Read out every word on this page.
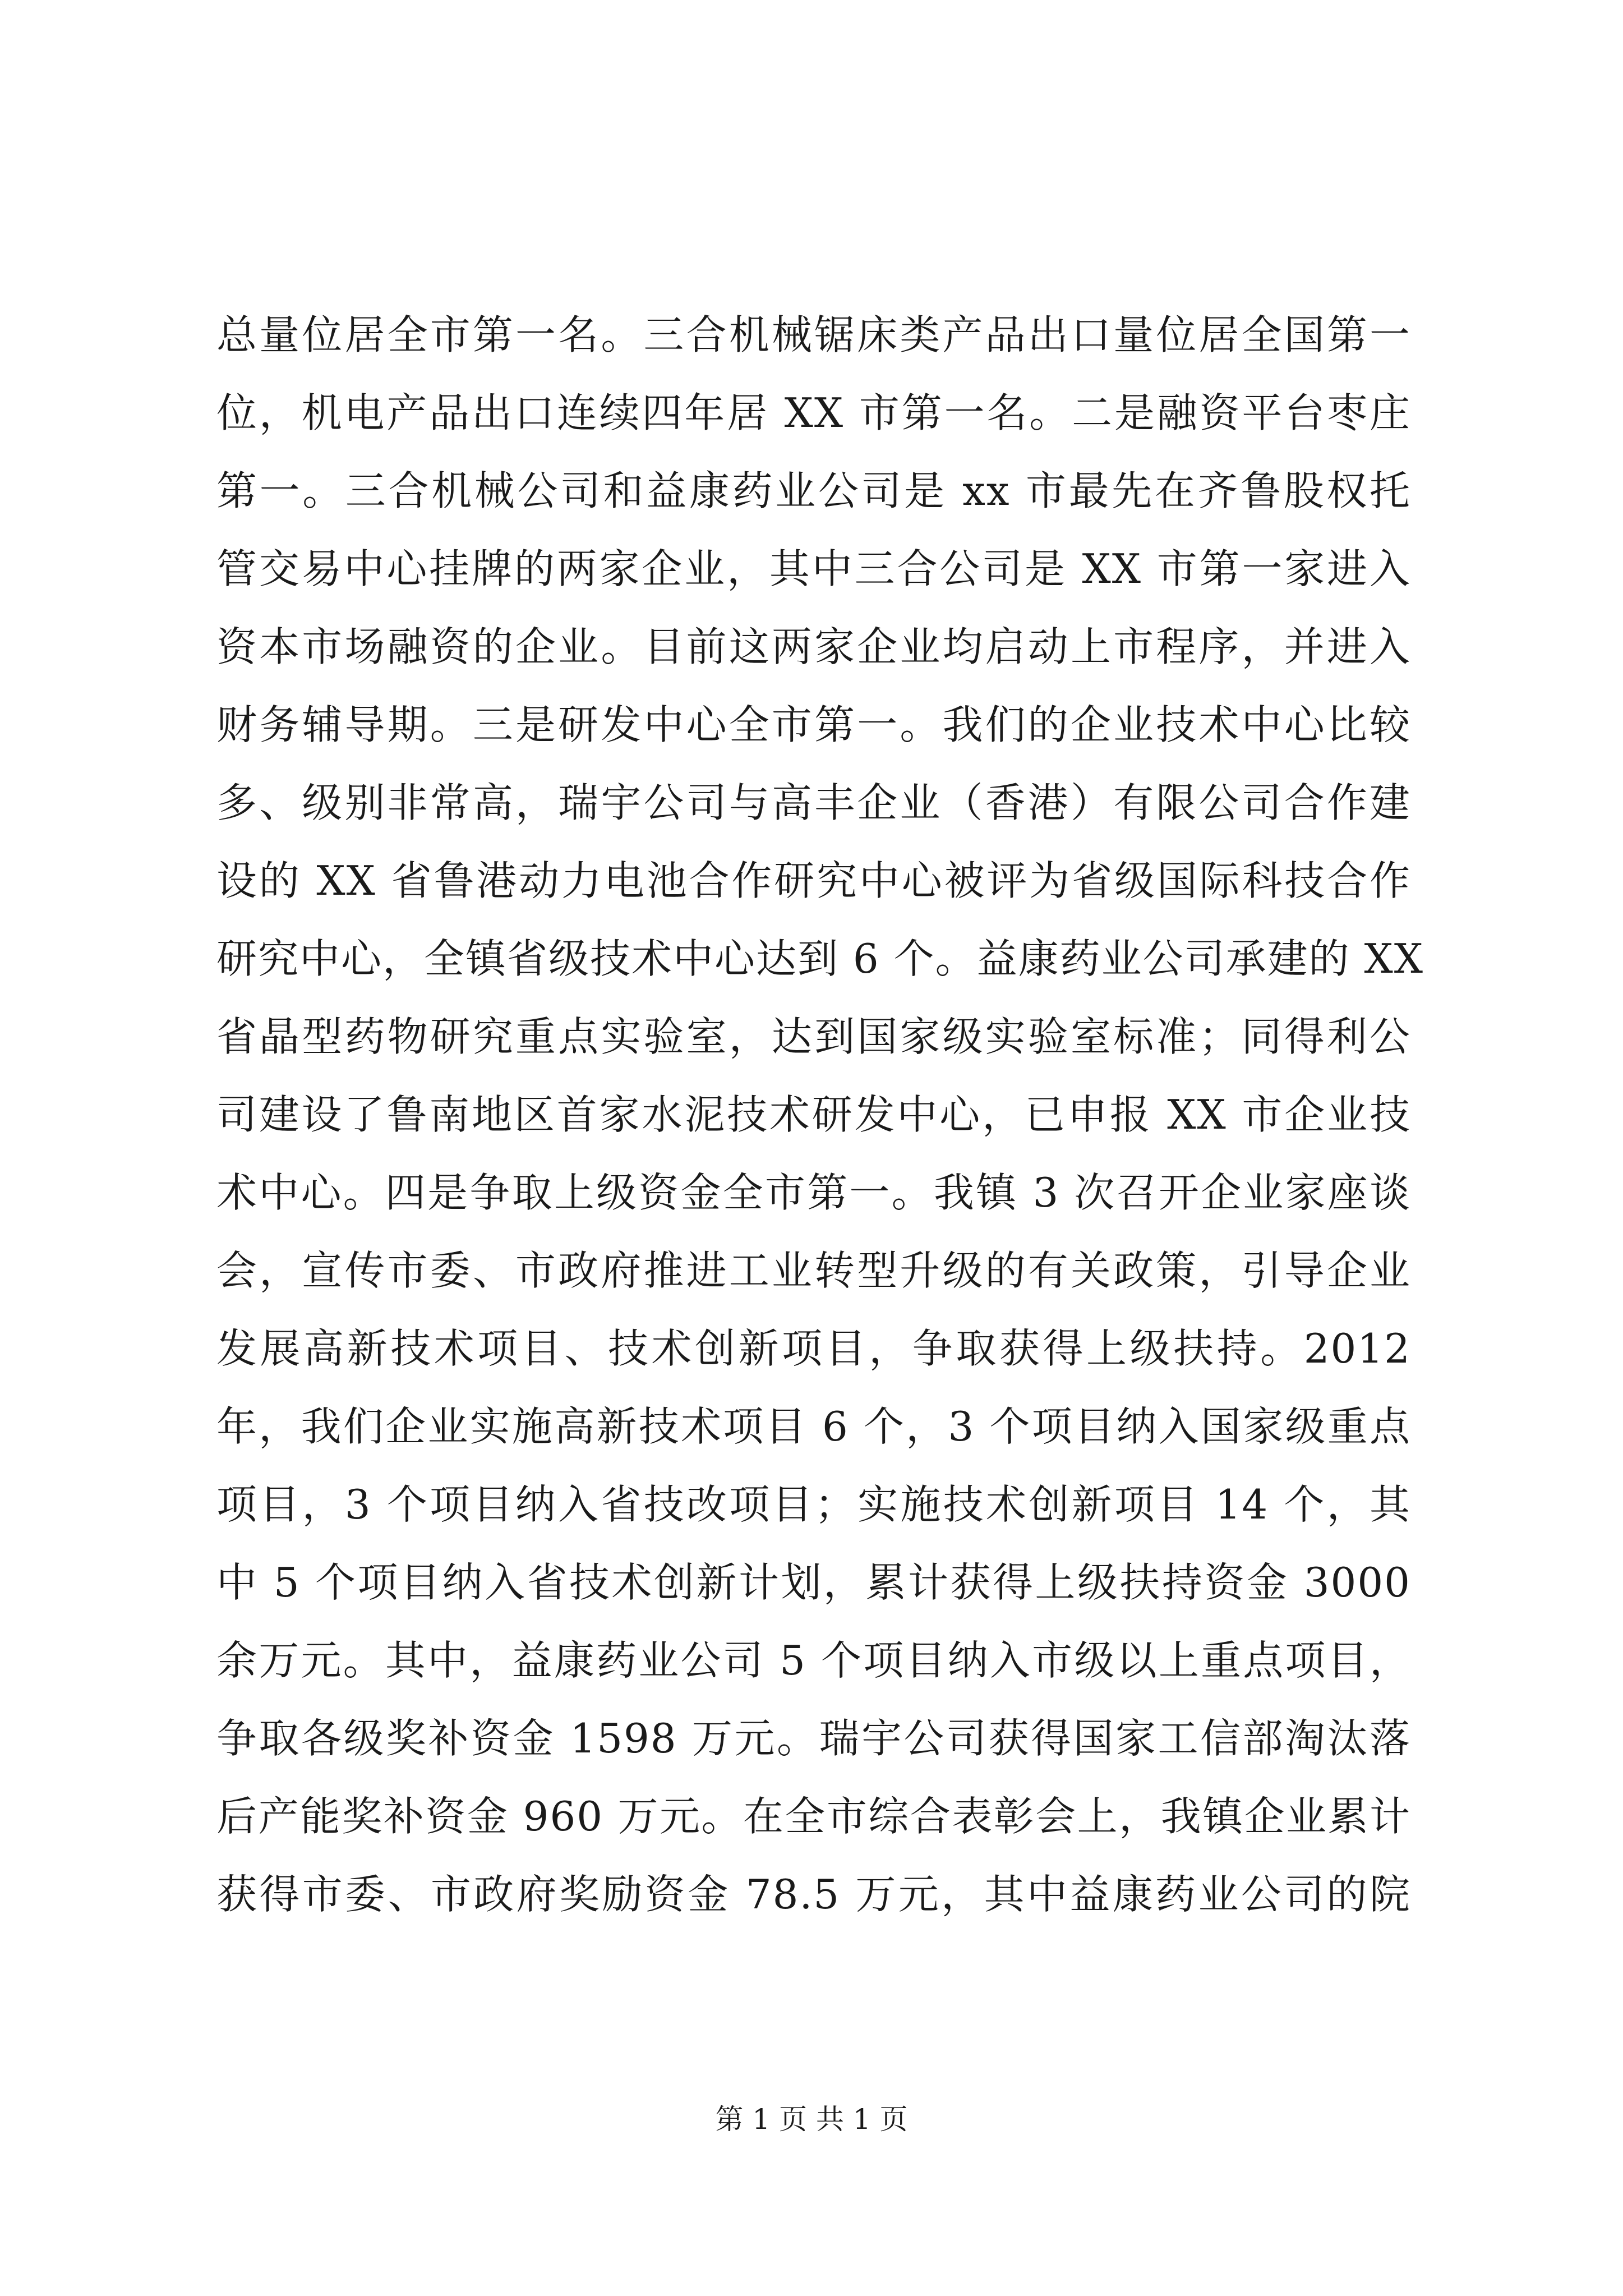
总量位居全市第一名。三合机械锯床类产品出口量位居全国第一
位，机电产品出口连续四年居 XX 市第一名。二是融资平台枣庄
第一。三合机械公司和益康药业公司是 xx 市最先在齐鲁股权托
管交易中心挂牌的两家企业，其中三合公司是 XX 市第一家进入
资本市场融资的企业。目前这两家企业均启动上市程序，并进入
财务辅导期。三是研发中心全市第一。我们的企业技术中心比较
多、级别非常高，瑞宇公司与高丰企业（香港）有限公司合作建
设的 XX 省鲁港动力电池合作研究中心被评为省级国际科技合作
研究中心，全镇省级技术中心达到 6 个。益康药业公司承建的 XX
省晶型药物研究重点实验室，达到国家级实验室标准；同得利公
司建设了鲁南地区首家水泥技术研发中心，已申报 XX 市企业技
术中心。四是争取上级资金全市第一。我镇 3 次召开企业家座谈
会，宣传市委、市政府推进工业转型升级的有关政策，引导企业
发展高新技术项目、技术创新项目，争取获得上级扶持。2012
年，我们企业实施高新技术项目 6 个，3 个项目纳入国家级重点
项目，3 个项目纳入省技改项目；实施技术创新项目 14 个，其
中 5 个项目纳入省技术创新计划，累计获得上级扶持资金 3000
余万元。其中，益康药业公司 5 个项目纳入市级以上重点项目，
争取各级奖补资金 1598 万元。瑞宇公司获得国家工信部淘汰落
后产能奖补资金 960 万元。在全市综合表彰会上，我镇企业累计
获得市委、市政府奖励资金 78.5 万元，其中益康药业公司的院
第 1 页 共 1 页
